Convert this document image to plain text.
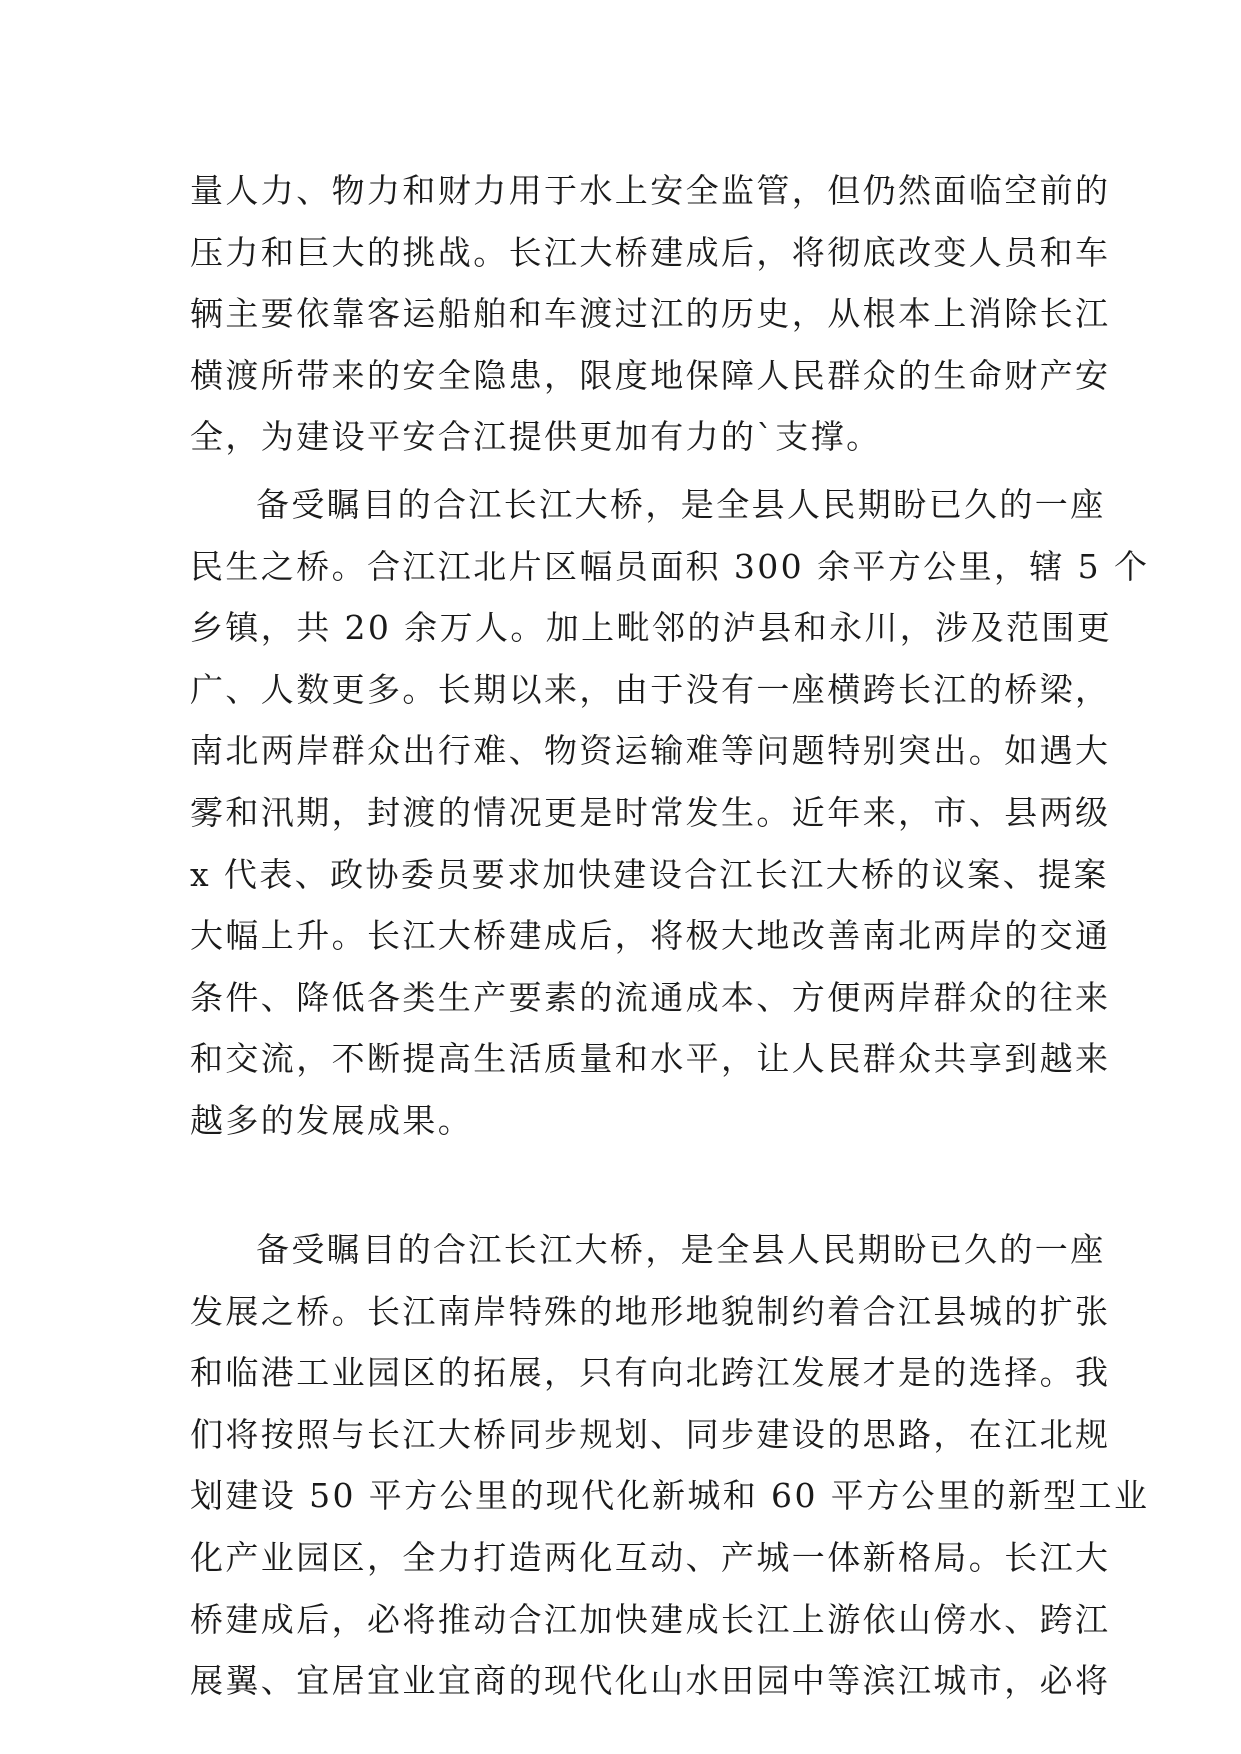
量人力、物力和财力用于水上安全监管，但仍然面临空前的
压力和巨大的挑战。长江大桥建成后，将彻底改变人员和车
辆主要依靠客运船舶和车渡过江的历史，从根本上消除长江
横渡所带来的安全隐患，限度地保障人民群众的生命财产安
全，为建设平安合江提供更加有力的`支撑。
备受瞩目的合江长江大桥，是全县人民期盼已久的一座
民生之桥。合江江北片区幅员面积 300 余平方公里，辖 5 个
乡镇，共 20 余万人。加上毗邻的泸县和永川，涉及范围更
广、人数更多。长期以来，由于没有一座横跨长江的桥梁，
南北两岸群众出行难、物资运输难等问题特别突出。如遇大
雾和汛期，封渡的情况更是时常发生。近年来，市、县两级
x 代表、政协委员要求加快建设合江长江大桥的议案、提案
大幅上升。长江大桥建成后，将极大地改善南北两岸的交通
条件、降低各类生产要素的流通成本、方便两岸群众的往来
和交流，不断提高生活质量和水平，让人民群众共享到越来
越多的发展成果。
备受瞩目的合江长江大桥，是全县人民期盼已久的一座
发展之桥。长江南岸特殊的地形地貌制约着合江县城的扩张
和临港工业园区的拓展，只有向北跨江发展才是的选择。我
们将按照与长江大桥同步规划、同步建设的思路，在江北规
划建设 50 平方公里的现代化新城和 60 平方公里的新型工业
化产业园区，全力打造两化互动、产城一体新格局。长江大
桥建成后，必将推动合江加快建成长江上游依山傍水、跨江
展翼、宜居宜业宜商的现代化山水田园中等滨江城市，必将
